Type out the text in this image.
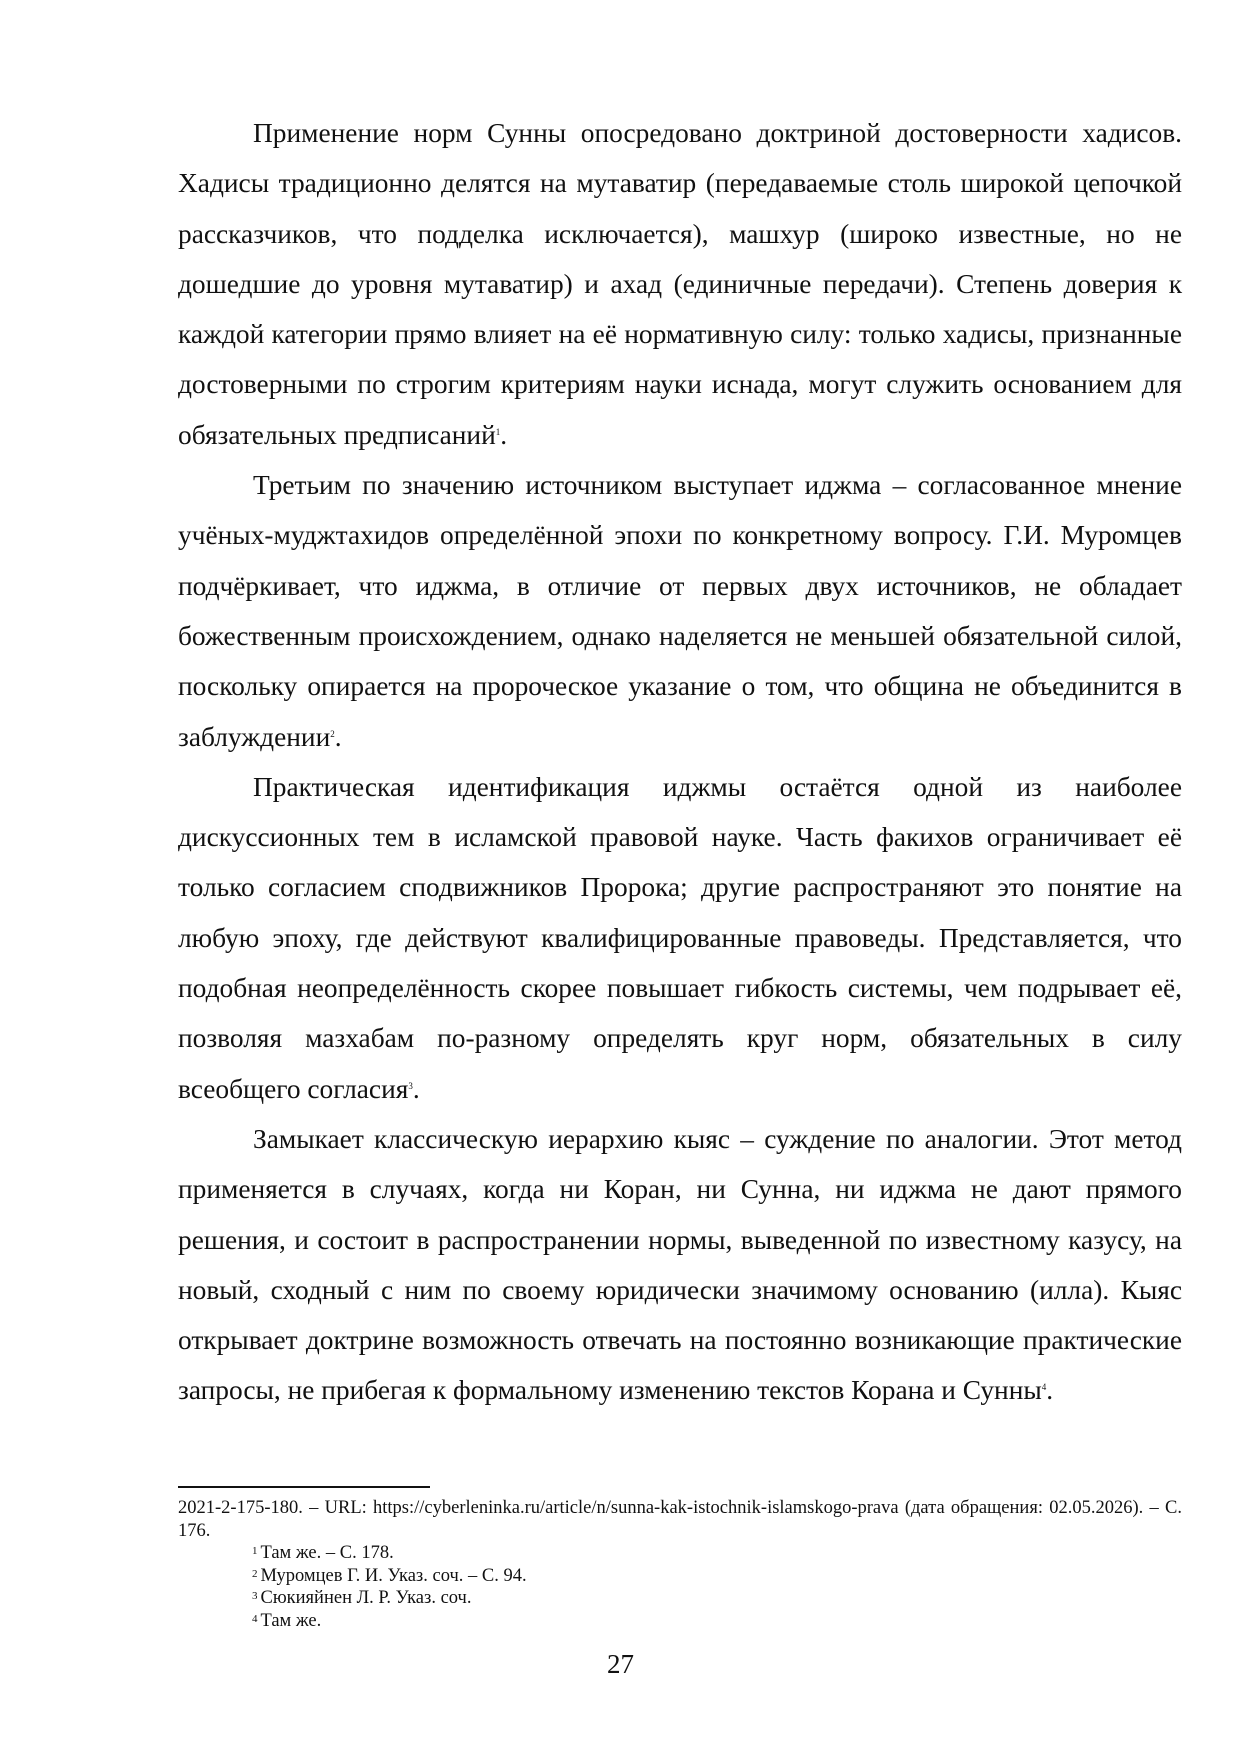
Применение норм Сунны опосредовано доктриной достоверности хадисов. Хадисы традиционно делятся на мутаватир (передаваемые столь широкой цепочкой рассказчиков, что подделка исключается), машхур (широко известные, но не дошедшие до уровня мутаватир) и ахад (единичные передачи). Степень доверия к каждой категории прямо влияет на её нормативную силу: только хадисы, признанные достоверными по строгим критериям науки иснада, могут служить основанием для обязательных предписаний$^1$.

Третьим по значению источником выступает иджма – согласованное мнение учёных-муджтахидов определённой эпохи по конкретному вопросу. Г.И. Муромцев подчёркивает, что иджма, в отличие от первых двух источников, не обладает божественным происхождением, однако наделяется не меньшей обязательной силой, поскольку опирается на пророческое указание о том, что община не объединится в заблуждении$^2$.

Практическая идентификация иджмы остаётся одной из наиболее дискуссионных тем в исламской правовой науке. Часть факихов ограничивает её только согласием сподвижников Пророка; другие распространяют это понятие на любую эпоху, где действуют квалифицированные правоведы. Представляется, что подобная неопределённость скорее повышает гибкость системы, чем подрывает её, позволяя мазхабам по-разному определять круг норм, обязательных в силу всеобщего согласия$^3$.

Замыкает классическую иерархию кыяс – суждение по аналогии. Этот метод применяется в случаях, когда ни Коран, ни Сунна, ни иджма не дают прямого решения, и состоит в распространении нормы, выведенной по известному казусу, на новый, сходный с ним по своему юридически значимому основанию (илла). Кыяс открывает доктрине возможность отвечать на постоянно возникающие практические запросы, не прибегая к формальному изменению текстов Корана и Сунны$^4$.

2021-2-175-180. – URL: https://cyberleninka.ru/article/n/sunna-kak-istochnik-islamskogo-prava (дата обращения: 02.05.2026). – С. 176.

$^1$ Там же. – С. 178.

$^2$ Муромцев Г. И. Указ. соч. – С. 94.

$^3$ Сюкияйнен Л. Р. Указ. соч.

$^4$ Там же.

27
